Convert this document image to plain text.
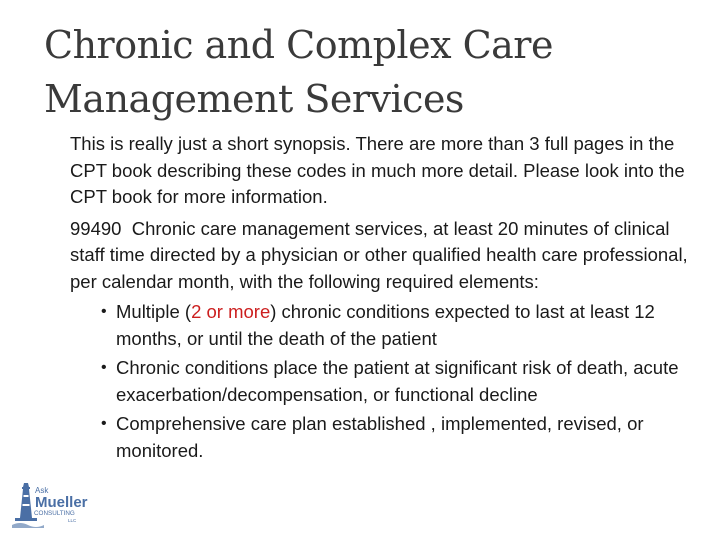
Chronic and Complex Care
Management Services

This is really just a short synopsis. There are more than 3 full pages in the CPT book describing these codes in much more detail. Please look into the CPT book for more information.

99490 Chronic care management services, at least 20 minutes of clinical staff time directed by a physician or other qualified health care professional, per calendar month, with the following required elements:

• Multiple (2 or more) chronic conditions expected to last at least 12 months, or until the death of the patient
• Chronic conditions place the patient at significant risk of death, acute exacerbation/decompensation, or functional decline
• Comprehensive care plan established , implemented, revised, or monitored.
Ask
Mueller
CONSULTING
LLC
